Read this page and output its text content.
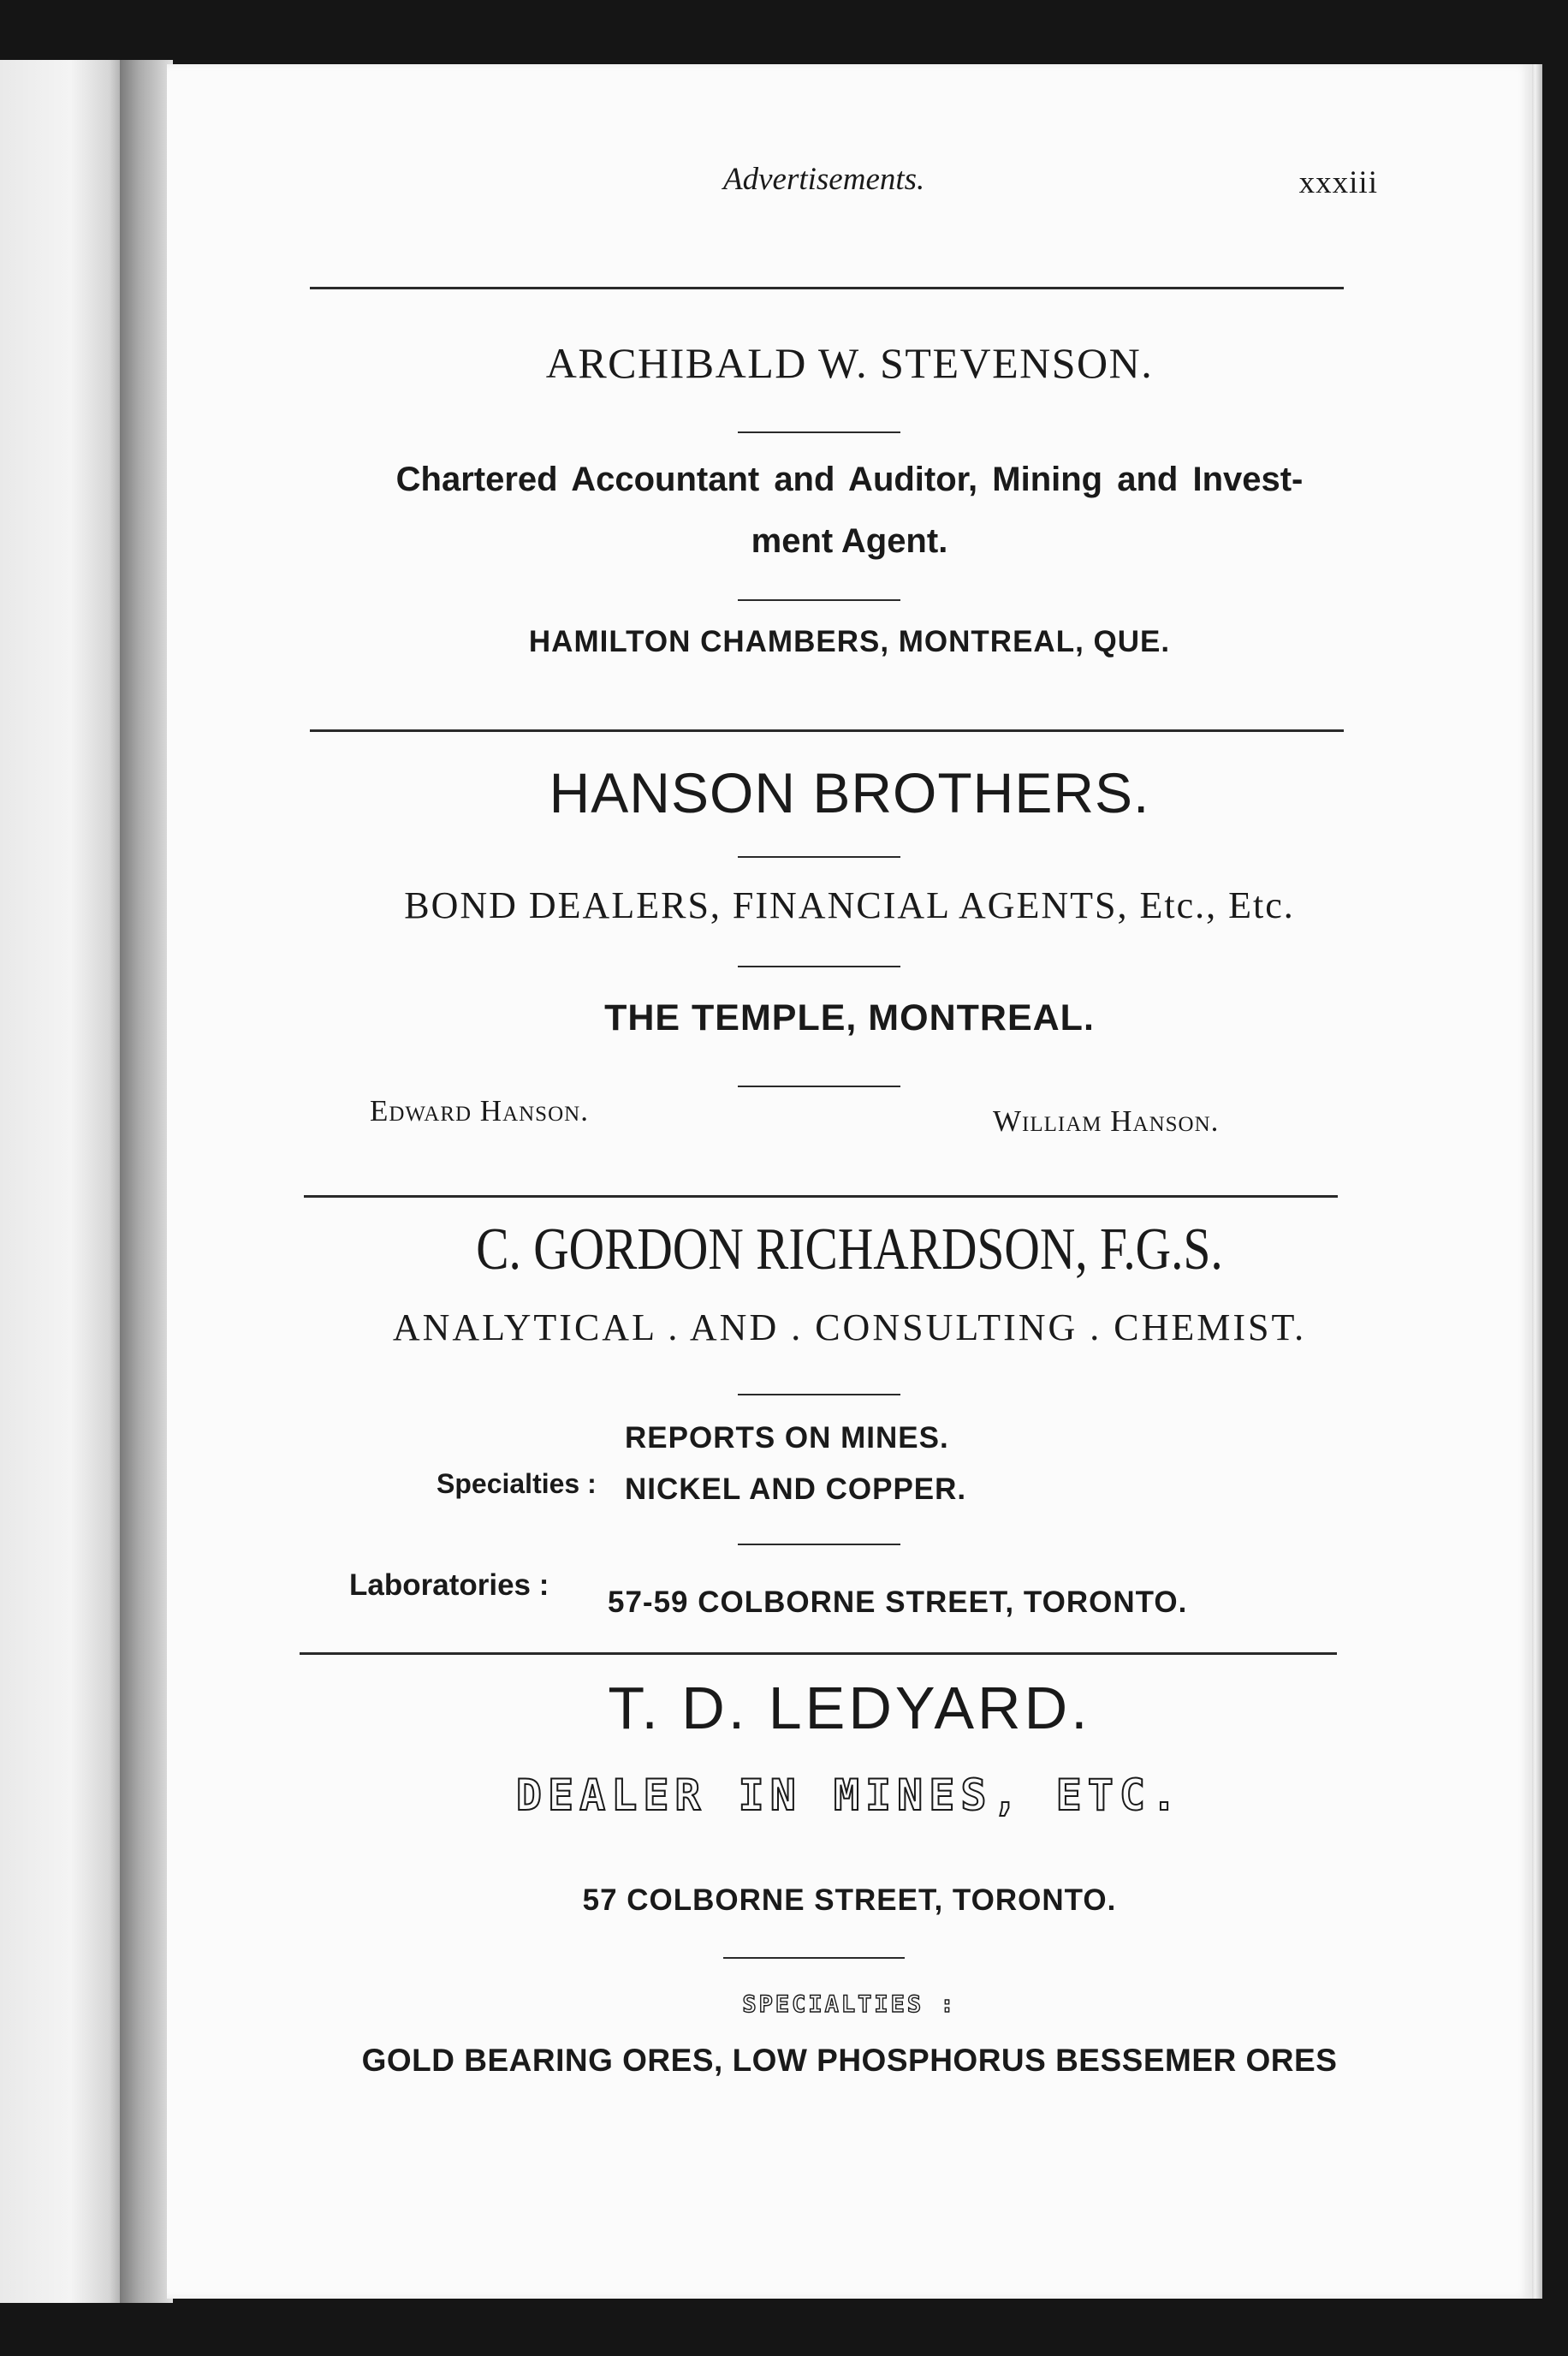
Advertisements.	xxxiii
ARCHIBALD W. STEVENSON.
Chartered Accountant and Auditor, Mining and Invest-
ment Agent.
HAMILTON CHAMBERS, MONTREAL, QUE.
HANSON BROTHERS.
BOND DEALERS, FINANCIAL AGENTS, Etc., Etc.
THE TEMPLE, MONTREAL.
Edward Hanson.	William Hanson.
C. GORDON RICHARDSON, F.G.S.
ANALYTICAL . AND . CONSULTING . CHEMIST.
REPORTS ON MINES.
Specialties : NICKEL AND COPPER.
Laboratories :
57-59 COLBORNE STREET, TORONTO.
T. D. LEDYARD.
DEALER IN MINES, ETC.
57 COLBORNE STREET, TORONTO.
SPECIALTIES :
GOLD BEARING ORES, LOW PHOSPHORUS BESSEMER ORES
